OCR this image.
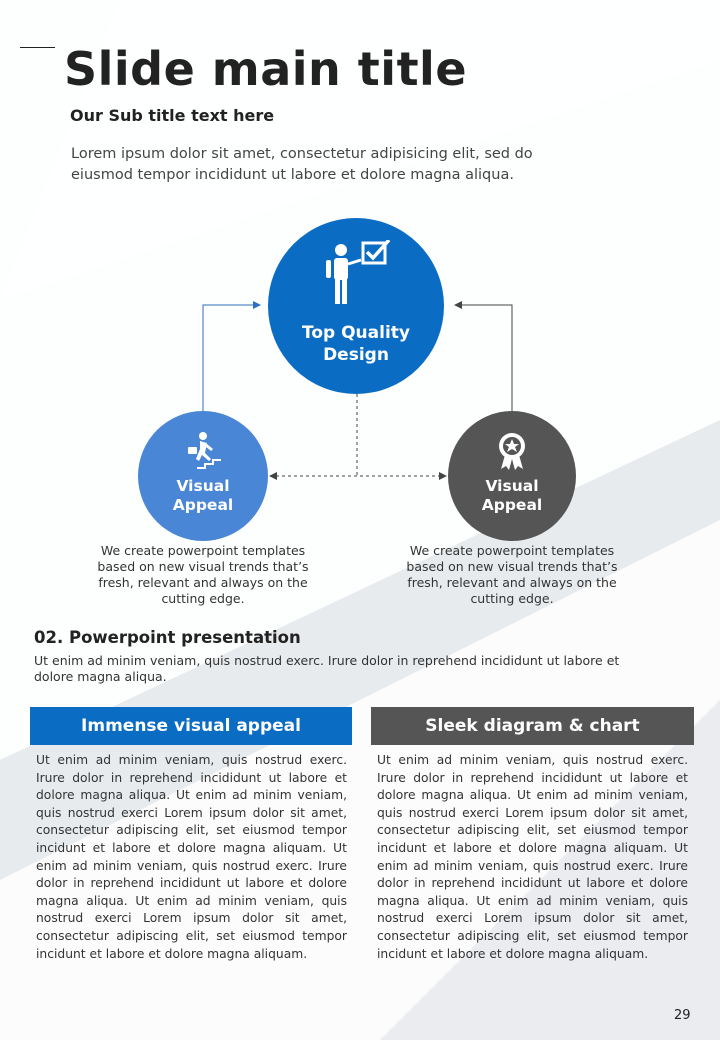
Slide main title
Our Sub title text here

Lorem ipsum dolor sit amet, consectetur adipisicing elit, sed do eiusmod tempor incididunt ut labore et dolore magna aliqua.

Top Quality
Design
Visual
Appeal
Visual
Appeal

We create powerpoint templates based on new visual trends that’s fresh, relevant and always on the cutting edge.

We create powerpoint templates based on new visual trends that’s fresh, relevant and always on the cutting edge.

02. Powerpoint presentation

Ut enim ad minim veniam, quis nostrud exerc. Irure dolor in reprehend incididunt ut labore et dolore magna aliqua.

Immense visual appeal	Sleek diagram & chart

Ut enim ad minim veniam, quis nostrud exerc. Irure dolor in reprehend incididunt ut labore et dolore magna aliqua. Ut enim ad minim veniam, quis nostrud exerci Lorem ipsum dolor sit amet, consectetur adipiscing elit, set eiusmod tempor incidunt et labore et dolore magna aliquam. Ut enim ad minim veniam, quis nostrud exerc. Irure dolor in reprehend incididunt ut labore et dolore magna aliqua. Ut enim ad minim veniam, quis nostrud exerci Lorem ipsum dolor sit amet, consectetur adipiscing elit, set eiusmod tempor incidunt et labore et dolore magna aliquam.

Ut enim ad minim veniam, quis nostrud exerc. Irure dolor in reprehend incididunt ut labore et dolore magna aliqua. Ut enim ad minim veniam, quis nostrud exerci Lorem ipsum dolor sit amet, consectetur adipiscing elit, set eiusmod tempor incidunt et labore et dolore magna aliquam. Ut enim ad minim veniam, quis nostrud exerc. Irure dolor in reprehend incididunt ut labore et dolore magna aliqua. Ut enim ad minim veniam, quis nostrud exerci Lorem ipsum dolor sit amet, consectetur adipiscing elit, set eiusmod tempor incidunt et labore et dolore magna aliquam.

29
